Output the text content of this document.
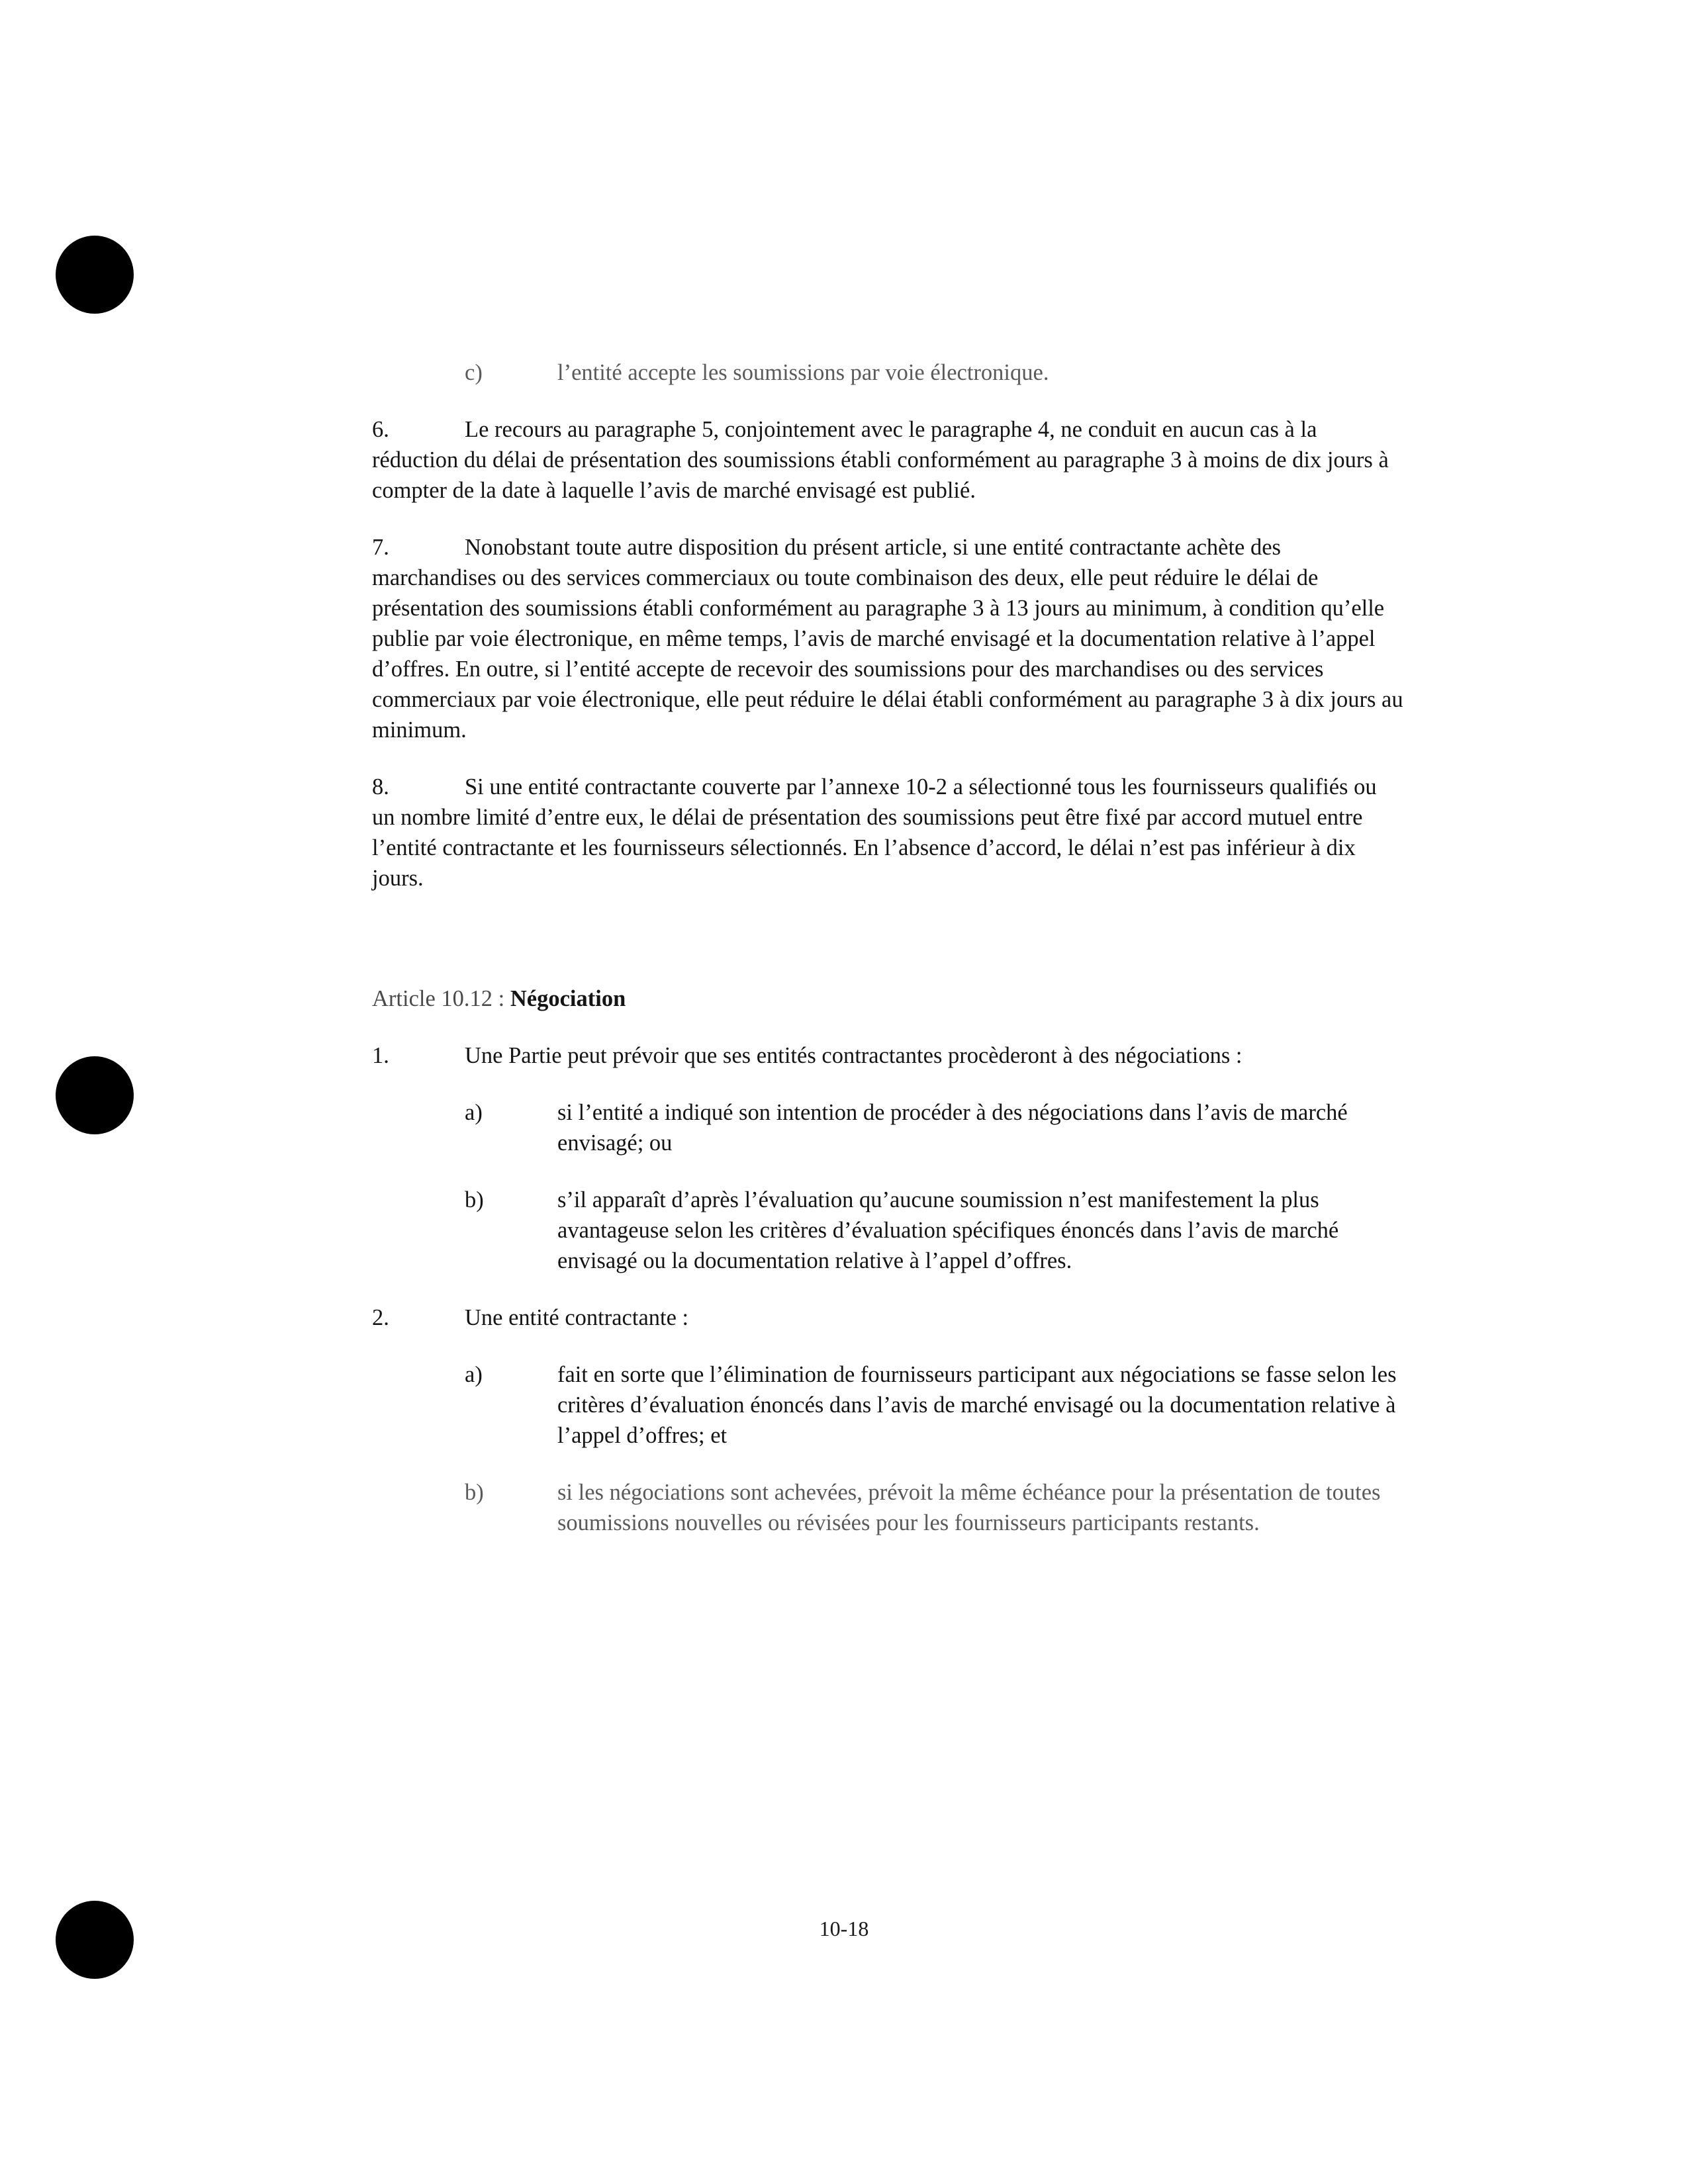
c)	l’entité accepte les soumissions par voie électronique.

6.	Le recours au paragraphe 5, conjointement avec le paragraphe 4, ne conduit en aucun cas à la réduction du délai de présentation des soumissions établi conformément au paragraphe 3 à moins de dix jours à compter de la date à laquelle l’avis de marché envisagé est publié.

7.	Nonobstant toute autre disposition du présent article, si une entité contractante achète des marchandises ou des services commerciaux ou toute combinaison des deux, elle peut réduire le délai de présentation des soumissions établi conformément au paragraphe 3 à 13 jours au minimum, à condition qu’elle publie par voie électronique, en même temps, l’avis de marché envisagé et la documentation relative à l’appel d’offres. En outre, si l’entité accepte de recevoir des soumissions pour des marchandises ou des services commerciaux par voie électronique, elle peut réduire le délai établi conformément au paragraphe 3 à dix jours au minimum.

8.	Si une entité contractante couverte par l’annexe 10-2 a sélectionné tous les fournisseurs qualifiés ou un nombre limité d’entre eux, le délai de présentation des soumissions peut être fixé par accord mutuel entre l’entité contractante et les fournisseurs sélectionnés. En l’absence d’accord, le délai n’est pas inférieur à dix jours.

Article 10.12 : Négociation
1.	Une Partie peut prévoir que ses entités contractantes procèderont à des négociations :
a)	si l’entité a indiqué son intention de procéder à des négociations dans l’avis de marché envisagé; ou
b)	s’il apparaît d’après l’évaluation qu’aucune soumission n’est manifestement la plus avantageuse selon les critères d’évaluation spécifiques énoncés dans l’avis de marché envisagé ou la documentation relative à l’appel d’offres.
2.	Une entité contractante :
a)	fait en sorte que l’élimination de fournisseurs participant aux négociations se fasse selon les critères d’évaluation énoncés dans l’avis de marché envisagé ou la documentation relative à l’appel d’offres; et
b)	si les négociations sont achevées, prévoit la même échéance pour la présentation de toutes soumissions nouvelles ou révisées pour les fournisseurs participants restants.
10-18
